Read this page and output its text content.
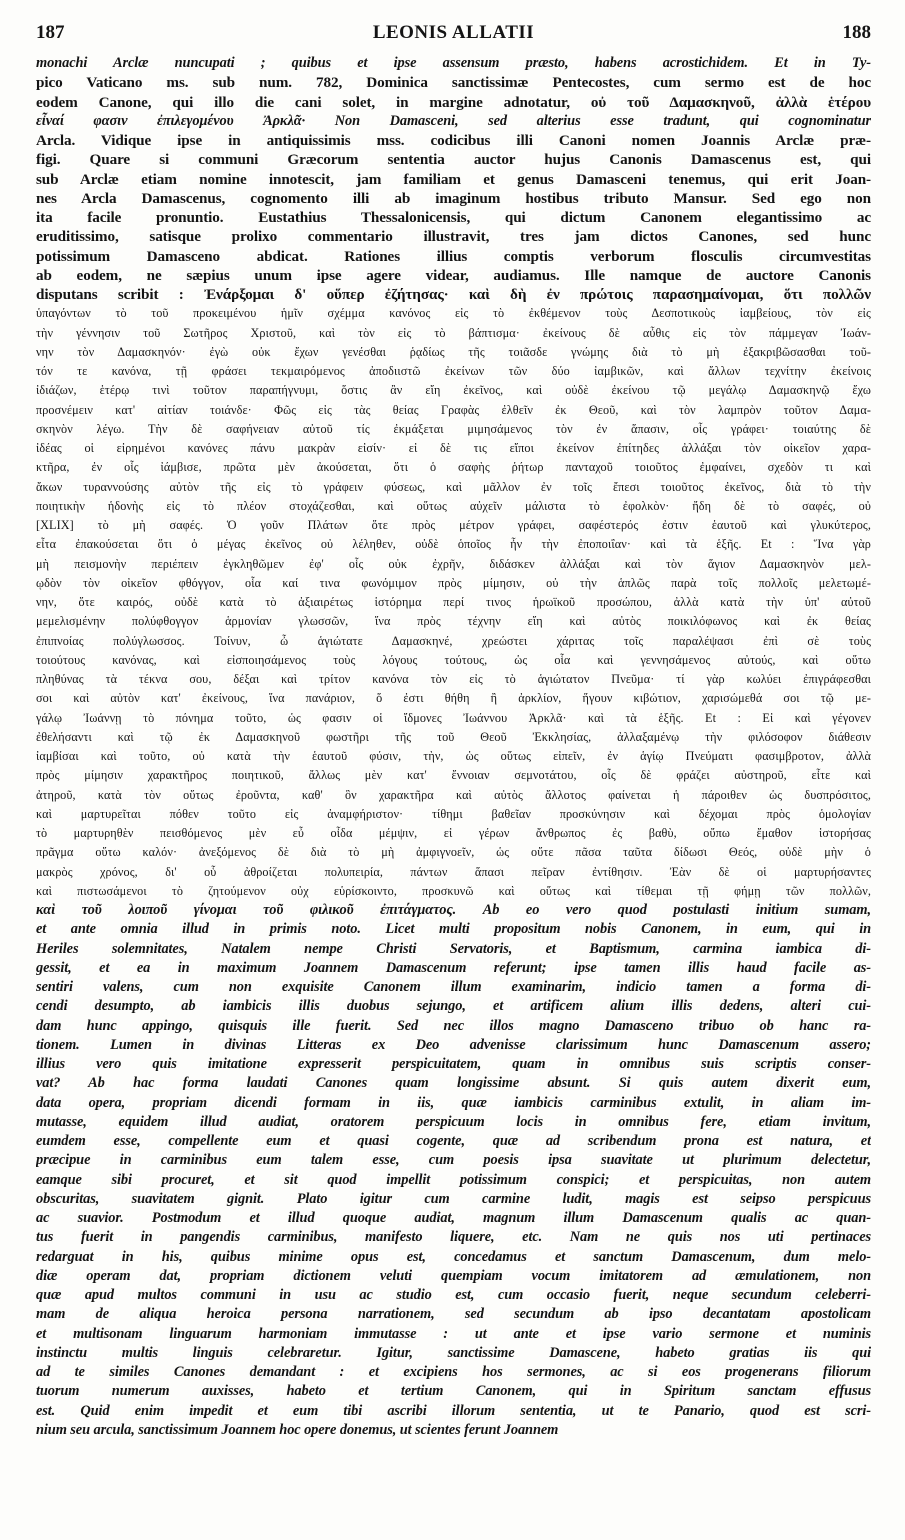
187	LEONIS ALLATII	188
monachi Arclæ nuncupati ; quibus et ipse assensum præsto, habens acrostichidem. Et in Ty-
pico Vaticano ms. sub num. 782, Dominica sanctissimæ Pentecostes, cum sermo est de hoc
eodem Canone, qui illo die cani solet, in margine adnotatur, οὐ τοῦ Δαμασκηνοῦ, ἀλλὰ ἑτέρου
εἶναί φασιν ἐπιλεγομένου Ἀρκλᾶ· Non Damasceni, sed alterius esse tradunt, qui cognominatur
Arcla. Vidique ipse in antiquissimis mss. codicibus illi Canoni nomen Joannis Arclæ præ-
figi. Quare si communi Græcorum sententia auctor hujus Canonis Damascenus est, qui
sub Arclæ etiam nomine innotescit, jam familiam et genus Damasceni tenemus, qui erit Joan-
nes Arcla Damascenus, cognomento illi ab imaginum hostibus tributo Mansur. Sed ego non
ita facile pronuntio. Eustathius Thessalonicensis, qui dictum Canonem elegantissimo ac
eruditissimo, satisque prolixo commentario illustravit, tres jam dictos Canones, sed hunc
potissimum Damasceno abdicat. Rationes illius comptis verborum flosculis circumvestitas
ab eodem, ne sæpius unum ipse agere videar, audiamus. Ille namque de auctore Canonis
disputans scribit : Ἐνάρξομαι δ' οὕπερ ἐζήτησας· καὶ δὴ ἐν πρώτοις παρασημαίνομαι, ὅτι πολλῶν
ὑπαγόντων τὸ τοῦ προκειμένου ἡμῖν σχέμμα κανόνος εἰς τὸ ἐκθέμενον τοὺς Δεσποτικοὺς ἰαμβείους, τὸν εἰς
τὴν γέννησιν τοῦ Σωτῆρος Χριστοῦ, καὶ τὸν εἰς τὸ βάπτισμα· ἐκείνους δὲ αὖθις εἰς τὸν πάμμεγαν Ἰωάν-
νην τὸν Δαμασκηνόν· ἐγὼ οὐκ ἔχων γενέσθαι ῥᾳδίως τῆς τοιᾶσδε γνώμης διὰ τὸ μὴ ἐξακριβῶσασθαι τοῦ-
τόν τε κανόνα, τῇ φράσει τεκμαιρόμενος ἀποδιιστῶ ἐκείνων τῶν δύο ἰαμβικῶν, καὶ ἄλλων τεχνίτην ἐκείνοις
ἰδιάζων, ἑτέρῳ τινὶ τοῦτον παραπήγνυμι, ὅστις ἂν εἴη ἐκεῖνος, καὶ οὐδὲ ἐκείνου τῷ μεγάλῳ Δαμασκηνῷ ἔχω
προσνέμειν κατ' αἰτίαν τοιάνδε· Φῶς εἰς τὰς θείας Γραφὰς ἐλθεῖν ἐκ Θεοῦ, καὶ τὸν λαμπρὸν τοῦτον Δαμα-
σκηνὸν λέγω. Τὴν δὲ σαφήνειαν αὐτοῦ τίς ἐκμάξεται μιμησάμενος τὸν ἐν ἅπασιν, οἷς γράφει· τοιαύτης δὲ
ἰδέας οἱ εἰρημένοι κανόνες πάνυ μακρὰν εἰσίν· εἰ δὲ τις εἴποι ἐκείνον ἐπίτηδες ἀλλάξαι τὸν οἰκεῖον χαρα-
κτῆρα, ἐν οἷς ἰάμβισε, πρῶτα μὲν ἀκούσεται, ὅτι ὁ σαφὴς ῥήτωρ πανταχοῦ τοιοῦτος ἐμφαίνει, σχεδὸν τι καὶ
ἄκων τυραννούσης αὐτὸν τῆς εἰς τὸ γράφειν φύσεως, καὶ μᾶλλον ἐν τοῖς ἔπεσι τοιοῦτος ἐκεῖνος, διὰ τὸ τὴν
ποιητικὴν ἡδονὴς εἰς τὸ πλέον στοχάζεσθαι, καὶ οὕτως αὐχεῖν μάλιστα τὸ ἐφολκὸν· ἤδη δὲ τὸ σαφές, οὐ
[XLIX] τὸ μὴ σαφές. Ὁ γοῦν Πλάτων ὅτε πρὸς μέτρον γράφει, σαφέστερός ἐστιν ἑαυτοῦ καὶ γλυκύτερος,
εἶτα ἐπακούσεται ὅτι ὁ μέγας ἐκεῖνος οὐ λέληθεν, οὐδὲ ὁποῖος ἦν τὴν ἐποποιΐαν· καὶ τὰ ἑξῆς. Et : Ἵνα γὰρ
μὴ πεισμονὴν περιέπειν ἐγκληθῶμεν ἐφ' οἷς οὐκ ἐχρῆν, διδάσκεν ἀλλάξαι καὶ τὸν ἅγιον Δαμασκηνὸν μελ-
ῳδὸν τὸν οἰκεῖον φθόγγον, οἷα καί τινα φωνόμιμον πρὸς μίμησιν, οὐ τὴν ἁπλῶς παρὰ τοῖς πολλοῖς μελετωμέ-
νην, ὅτε καιρός, οὐδὲ κατὰ τὸ ἀξιαιρέτως ἱστόρημα περί τινος ἡρωϊκοῦ προσώπου, ἀλλὰ κατὰ τὴν ὑπ' αὐτοῦ
μεμελισμένην πολύφθογγον ἁρμονίαν γλωσσῶν, ἵνα πρὸς τέχνην εἴη καὶ αὐτὸς ποικιλόφωνος καὶ ἐκ θείας
ἐπιπνοίας πολύγλωσσος. Τοίνυν, ὦ ἁγιώτατε Δαμασκηνέ, χρεώστει χάριτας τοῖς παραλέψασι ἐπὶ σὲ τοὺς
τοιούτους κανόνας, καὶ εἰσποιησάμενος τοὺς λόγους τούτους, ὡς οἷα καὶ γεννησάμενος αὐτούς, καὶ οὕτω
πληθύνας τὰ τέκνα σου, δέξαι καὶ τρίτον κανόνα τὸν εἰς τὸ ἁγιώτατον Πνεῦμα· τί γὰρ κωλύει ἐπιγράφεσθαι
σοι καὶ αὐτὸν κατ' ἐκείνους, ἵνα πανάριον, ὅ ἐστι θήθη ἢ ἀρκλίον, ἥγουν κιβώτιον, χαρισώμεθά σοι τῷ με-
γάλῳ Ἰωάννῃ τὸ πόνημα τοῦτο, ὡς φασιν οἱ ἴδμονες Ἰωάννου Ἀρκλᾶ· καὶ τὰ ἑξῆς. Et : Εἰ καὶ γέγονεν
ἐθελήσαντι καὶ τῷ ἐκ Δαμασκηνοῦ φωστῆρι τῆς τοῦ Θεοῦ Ἐκκλησίας, ἀλλαξαμένῳ τὴν φιλόσοφον διάθεσιν
ἰαμβίσαι καὶ τοῦτο, οὐ κατὰ τὴν ἑαυτοῦ φύσιν, τὴν, ὡς οὕτως εἰπεῖν, ἐν ἁγίῳ Πνεύματι φασιμβροτον, ἀλλὰ
πρὸς μίμησιν χαρακτῆρος ποιητικοῦ, ἄλλως μὲν κατ' ἔννοιαν σεμνοτάτου, οἷς δὲ φράζει αὐστηροῦ, εἶτε καὶ
ἀτηροῦ, κατὰ τὸν οὕτως ἐροῦντα, καθ' ὃν χαρακτῆρα καὶ αὐτὸς ἄλλοτος φαίνεται ἡ πάροιθεν ὡς δυσπρόσιτος,
καὶ μαρτυρεῖται πόθεν τοῦτο εἰς ἀναμφήριστον· τίθημι βαθεῖαν προσκύνησιν καὶ δέχομαι πρὸς ὁμολογίαν
τὸ μαρτυρηθὲν πεισθόμενος μὲν εὖ οἶδα μέμψιν, εἰ γέρων ἄνθρωπος ἐς βαθὺ, οὔπω ἔμαθον ἱστορήσας
πρᾶγμα οὕτω καλόν· ἀνεξόμενος δὲ διὰ τὸ μὴ ἀμφιγνοεῖν, ὡς οὔτε πᾶσα ταῦτα δίδωσι Θεός, οὐδὲ μὴν ὁ
μακρὸς χρόνος, δι' οὗ ἀθροίζεται πολυπειρία, πάντων ἅπασι πεῖραν ἐντίθησιν. Ἐὰν δὲ οἱ μαρτυρήσαντες
καὶ πιστωσάμενοι τὸ ζητούμενον οὐχ εὑρίσκοιντο, προσκυνῶ καὶ οὕτως καὶ τίθεμαι τῇ φήμῃ τῶν πολλῶν,
καὶ τοῦ λοιποῦ γίνομαι τοῦ φιλικοῦ ἐπιτάγματος. Ab eo vero quod postulasti initium sumam,
et ante omnia illud in primis noto. Licet multi propositum nobis Canonem, in eum, qui in
Heriles solemnitates, Natalem nempe Christi Servatoris, et Baptismum, carmina iambica di-
gessit, et ea in maximum Joannem Damascenum referunt; ipse tamen illis haud facile as-
sentiri valens, cum non exquisite Canonem illum examinarim, indicio tamen a forma di-
cendi desumpto, ab iambicis illis duobus sejungo, et artificem alium illis dedens, alteri cui-
dam hunc appingo, quisquis ille fuerit. Sed nec illos magno Damasceno tribuo ob hanc ra-
tionem. Lumen in divinas Litteras ex Deo advenisse clarissimum hunc Damascenum assero;
illius vero quis imitatione expresserit perspicuitatem, quam in omnibus suis scriptis conser-
vat? Ab hac forma laudati Canones quam longissime absunt. Si quis autem dixerit eum,
data opera, propriam dicendi formam in iis, quæ iambicis carminibus extulit, in aliam im-
mutasse, equidem illud audiat, oratorem perspicuum locis in omnibus fere, etiam invitum,
eumdem esse, compellente eum et quasi cogente, quæ ad scribendum prona est natura, et
præcipue in carminibus eum talem esse, cum poesis ipsa suavitate ut plurimum delectetur,
eamque sibi procuret, et sit quod impellit potissimum conspici; et perspicuitas, non autem
obscuritas, suavitatem gignit. Plato igitur cum carmine ludit, magis est seipso perspicuus
ac suavior. Postmodum et illud quoque audiat, magnum illum Damascenum qualis ac quan-
tus fuerit in pangendis carminibus, manifesto liquere, etc. Nam ne quis nos uti pertinaces
redarguat in his, quibus minime opus est, concedamus et sanctum Damascenum, dum melo-
diæ operam dat, propriam dictionem veluti quempiam vocum imitatorem ad æmulationem, non
quæ apud multos communi in usu ac studio est, cum occasio fuerit, neque secundum celeberri-
mam de aliqua heroica persona narrationem, sed secundum ab ipso decantatam apostolicam
et multisonam linguarum harmoniam immutasse : ut ante et ipse vario sermone et numinis
instinctu multis linguis celebraretur. Igitur, sanctissime Damascene, habeto gratias iis qui
ad te similes Canones demandant : et excipiens hos sermones, ac si eos progenerans filiorum
tuorum numerum auxisses, habeto et tertium Canonem, qui in Spiritum sanctam effusus
est. Quid enim impedit et eum tibi ascribi illorum sententia, ut te Panario, quod est scri-
nium seu arcula, sanctissimum Joannem hoc opere donemus, ut scientes ferunt Joannem
